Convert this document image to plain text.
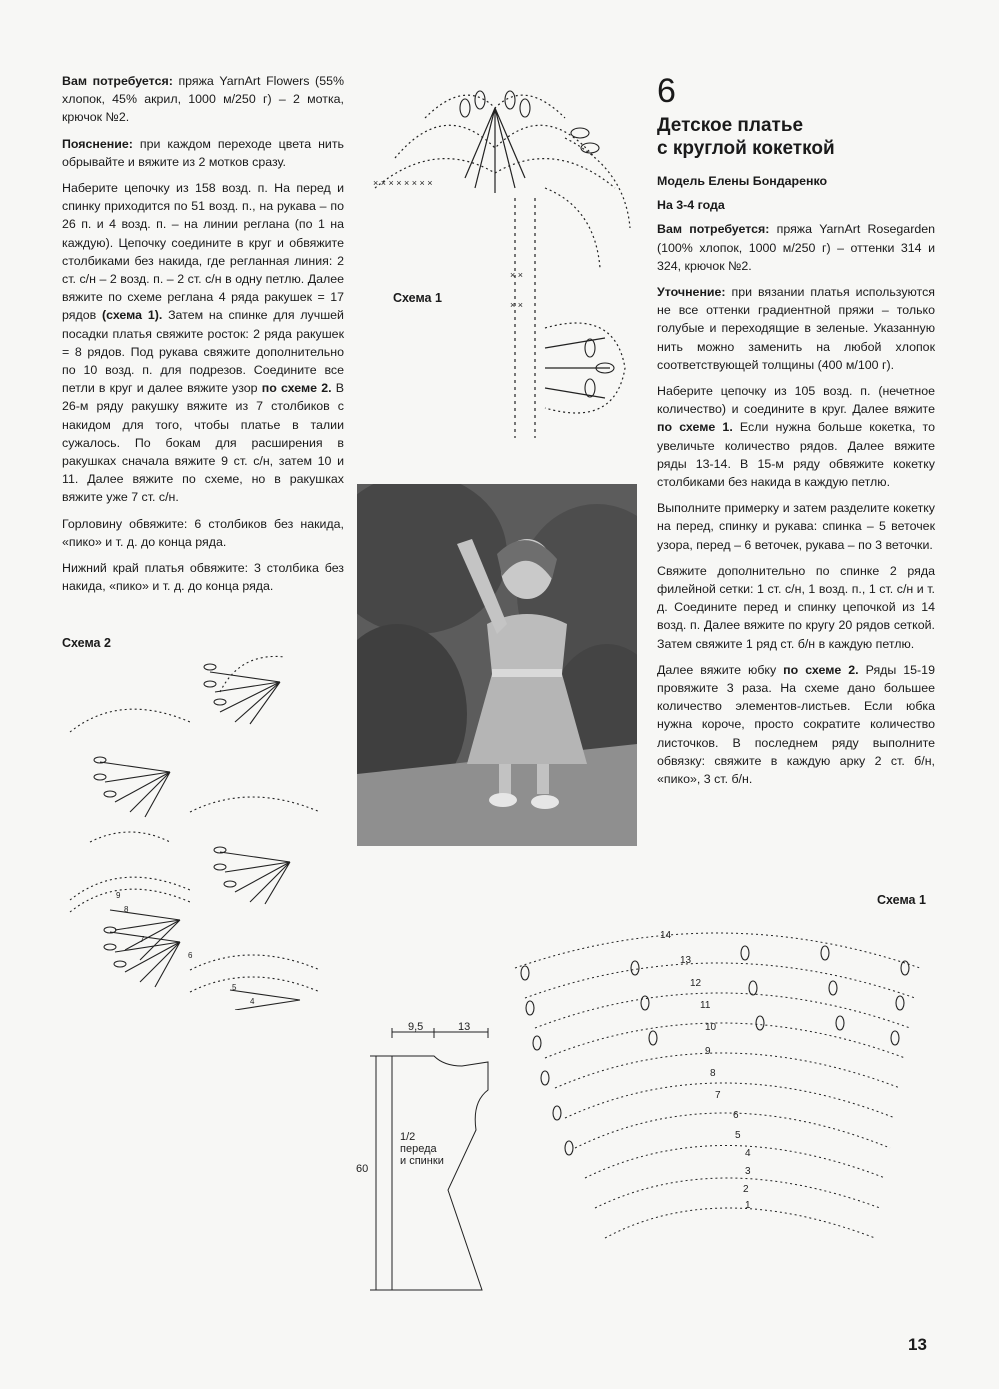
Вам потребуется: пряжа YarnArt Flowers (55% хлопок, 45% акрил, 1000 м/250 г) – 2 мотка, крючок №2.

Пояснение: при каждом переходе цвета нить обрывайте и вяжите из 2 мотков сразу.

Наберите цепочку из 158 возд. п. На перед и спинку приходится по 51 возд. п., на рукава – по 26 п. и 4 возд. п. – на линии реглана (по 1 на каждую). Цепочку соедините в круг и обвяжите столбиками без накида, где регланная линия: 2 ст. с/н – 2 возд. п. – 2 ст. с/н в одну петлю. Далее вяжите по схеме реглана 4 ряда ракушек = 17 рядов (схема 1). Затем на спинке для лучшей посадки платья свяжите росток: 2 ряда ракушек = 8 рядов. Под рукава свяжите дополнительно по 10 возд. п. для подрезов. Соедините все петли в круг и далее вяжите узор по схеме 2. В 26-м ряду ракушку вяжите из 7 столбиков с накидом для того, чтобы платье в талии сужалось. По бокам для расширения в ракушках сначала вяжите 9 ст. с/н, затем 10 и 11. Далее вяжите по схеме, но в ракушках вяжите уже 7 ст. с/н.

Горловину обвяжите: 6 столбиков без накида, «пико» и т. д. до конца ряда.

Нижний край платья обвяжите: 3 столбика без накида, «пико» и т. д. до конца ряда.

6
Детское платье
с круглой кокеткой
Модель Елены Бондаренко
На 3-4 года

Вам потребуется: пряжа YarnArt Rosegarden (100% хлопок, 1000 м/250 г) – оттенки 314 и 324, крючок №2.

Уточнение: при вязании платья используются не все оттенки градиентной пряжи – только голубые и переходящие в зеленые. Указанную нить можно заменить на любой хлопок соответствующей толщины (400 м/100 г).

Наберите цепочку из 105 возд. п. (нечетное количество) и соедините в круг. Далее вяжите по схеме 1. Если нужна больше кокетка, то увеличьте количество рядов. Далее вяжите ряды 13-14. В 15-м ряду обвяжите кокетку столбиками без накида в каждую петлю.

Выполните примерку и затем разделите кокетку на перед, спинку и рукава: спинка – 5 веточек узора, перед – 6 веточек, рукава – по 3 веточки.

Свяжите дополнительно по спинке 2 ряда филейной сетки: 1 ст. с/н, 1 возд. п., 1 ст. с/н и т. д. Соедините перед и спинку цепочкой из 14 возд. п. Далее вяжите по кругу 20 рядов сеткой. Затем свяжите 1 ряд ст. б/н в каждую петлю.

Далее вяжите юбку по схеме 2. Ряды 15-19 провяжите 3 раза. На схеме дано большее количество элементов-листьев. Если юбка нужна короче, просто сократите количество листочков. В последнем ряду выполните обвязку: свяжите в каждую арку 2 ст. б/н, «пико», 3 ст. б/н.

Схема 1
Схема 2
Схема 1
× × × × × × × ×
× ×
× ×
9
8
7
6
5
4
9,5	13
60
1/2
переда
и спинки
14
13
12
11
10
9
8
7
6
5
4
3
2
1
13
